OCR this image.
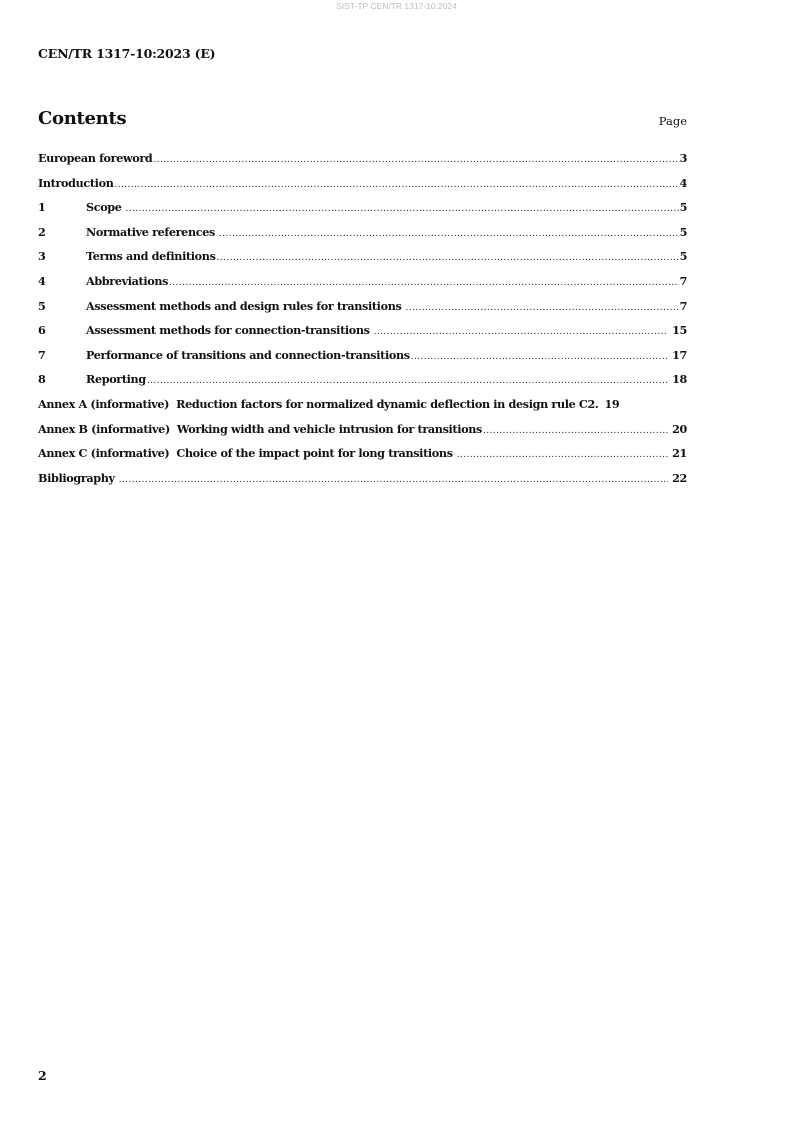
SIST-TP CEN/TR 1317-10:2024
CEN/TR 1317-10:2023 (E)
Contents	Page
European foreword .....	3
Introduction .....	4
1	Scope .....	5
2	Normative references .....	5
3	Terms and definitions .....	5
4	Abbreviations .....	7
5	Assessment methods and design rules for transitions .....	7
6	Assessment methods for connection-transitions .....	15
7	Performance of transitions and connection-transitions .....	17
8	Reporting .....	18
Annex A (informative) Reduction factors for normalized dynamic deflection in design rule C2. 19
Annex B (informative) Working width and vehicle intrusion for transitions .....	20
Annex C (informative) Choice of the impact point for long transitions .....	21
Bibliography .....	22
2
